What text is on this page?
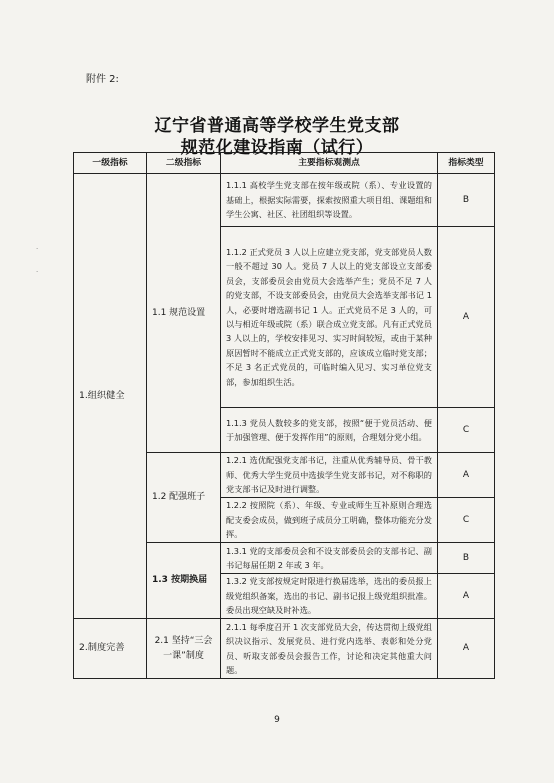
附件 2:
辽宁省普通高等学校学生党支部
规范化建设指南（试行）
·
·
一级指标	二级指标	主要指标观测点	指标类型
1.组织健全	1.1 规范设置	1.1.1 高校学生党支部在按年级或院（系）、专业设置的基础上，根据实际需要，探索按照重大项目组、课题组和学生公寓、社区、社团组织等设置。	B
		1.1.2 正式党员 3 人以上应建立党支部，党支部党员人数一般不超过 30 人。党员 7 人以上的党支部设立支部委员会，支部委员会由党员大会选举产生；党员不足 7 人的党支部，不设支部委员会，由党员大会选举支部书记 1 人，必要时增选副书记 1 人。正式党员不足 3 人的，可以与相近年级或院（系）联合成立党支部。凡有正式党员 3 人以上的，学校安排见习、实习时间较短，或由于某种原因暂时不能成立正式党支部的，应该成立临时党支部；不足 3 名正式党员的，可临时编入见习、实习单位党支部，参加组织生活。	A
		1.1.3 党员人数较多的党支部，按照“便于党员活动、便于加强管理、便于发挥作用”的原则，合理划分党小组。	C
	1.2 配强班子	1.2.1 选优配强党支部书记，注重从优秀辅导员、骨干教师、优秀大学生党员中选拔学生党支部书记，对不称职的党支部书记及时进行调整。	A
		1.2.2 按照院（系）、年级、专业或师生互补原则合理选配支委会成员，做到班子成员分工明确，整体功能充分发挥。	C
	1.3 按期换届	1.3.1 党的支部委员会和不设支部委员会的支部书记、副书记每届任期 2 年或 3 年。	B
		1.3.2 党支部按规定时限进行换届选举，选出的委员报上级党组织备案，选出的书记、副书记报上级党组织批准。委员出现空缺及时补选。	A
2.制度完善	2.1 坚持“三会一课”制度	2.1.1 每季度召开 1 次支部党员大会，传达贯彻上级党组织决议指示、发展党员、进行党内选举、表彰和处分党员、听取支部委员会报告工作，讨论和决定其他重大问题。	A
9
